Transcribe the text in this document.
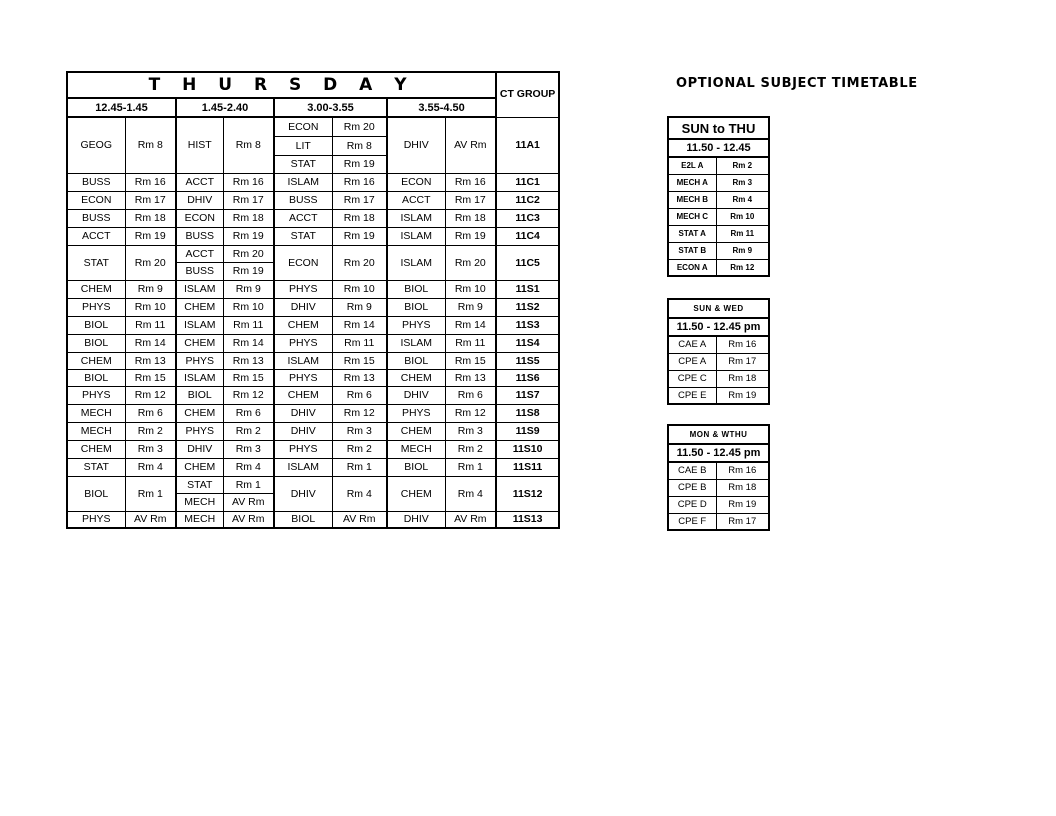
T H U R S D A Y								CT GROUP
12.45-1.45		1.45-2.40		3.00-3.55		3.55-4.50		
GEOG	Rm 8	HIST	Rm 8	ECON	Rm 20	DHIV	AV Rm	11A1
				LIT	Rm 8			
				STAT	Rm 19			
BUSS	Rm 16	ACCT	Rm 16	ISLAM	Rm 16	ECON	Rm 16	11C1
ECON	Rm 17	DHIV	Rm 17	BUSS	Rm 17	ACCT	Rm 17	11C2
BUSS	Rm 18	ECON	Rm 18	ACCT	Rm 18	ISLAM	Rm 18	11C3
ACCT	Rm 19	BUSS	Rm 19	STAT	Rm 19	ISLAM	Rm 19	11C4
STAT	Rm 20	ACCT	Rm 20	ECON	Rm 20	ISLAM	Rm 20	11C5
		BUSS	Rm 19					
CHEM	Rm 9	ISLAM	Rm 9	PHYS	Rm 10	BIOL	Rm 10	11S1
PHYS	Rm 10	CHEM	Rm 10	DHIV	Rm 9	BIOL	Rm 9	11S2
BIOL	Rm 11	ISLAM	Rm 11	CHEM	Rm 14	PHYS	Rm 14	11S3
BIOL	Rm 14	CHEM	Rm 14	PHYS	Rm 11	ISLAM	Rm 11	11S4
CHEM	Rm 13	PHYS	Rm 13	ISLAM	Rm 15	BIOL	Rm 15	11S5
BIOL	Rm 15	ISLAM	Rm 15	PHYS	Rm 13	CHEM	Rm 13	11S6
PHYS	Rm 12	BIOL	Rm 12	CHEM	Rm 6	DHIV	Rm 6	11S7
MECH	Rm 6	CHEM	Rm 6	DHIV	Rm 12	PHYS	Rm 12	11S8
MECH	Rm 2	PHYS	Rm 2	DHIV	Rm 3	CHEM	Rm 3	11S9
CHEM	Rm 3	DHIV	Rm 3	PHYS	Rm 2	MECH	Rm 2	11S10
STAT	Rm 4	CHEM	Rm 4	ISLAM	Rm 1	BIOL	Rm 1	11S11
BIOL	Rm 1	STAT	Rm 1	DHIV	Rm 4	CHEM	Rm 4	11S12
		MECH	AV Rm					
PHYS	AV Rm	MECH	AV Rm	BIOL	AV Rm	DHIV	AV Rm	11S13
OPTIONAL SUBJECT TIMETABLE
SUN to THU	
11.50 - 12.45	
E2L A	Rm 2
MECH A	Rm 3
MECH B	Rm 4
MECH C	Rm 10
STAT A	Rm 11
STAT B	Rm 9
ECON A	Rm 12
SUN & WED	
11.50 - 12.45 pm	
CAE A	Rm 16
CPE A	Rm 17
CPE C	Rm 18
CPE E	Rm 19
MON & WTHU	
11.50 - 12.45 pm	
CAE B	Rm 16
CPE B	Rm 18
CPE D	Rm 19
CPE F	Rm 17
